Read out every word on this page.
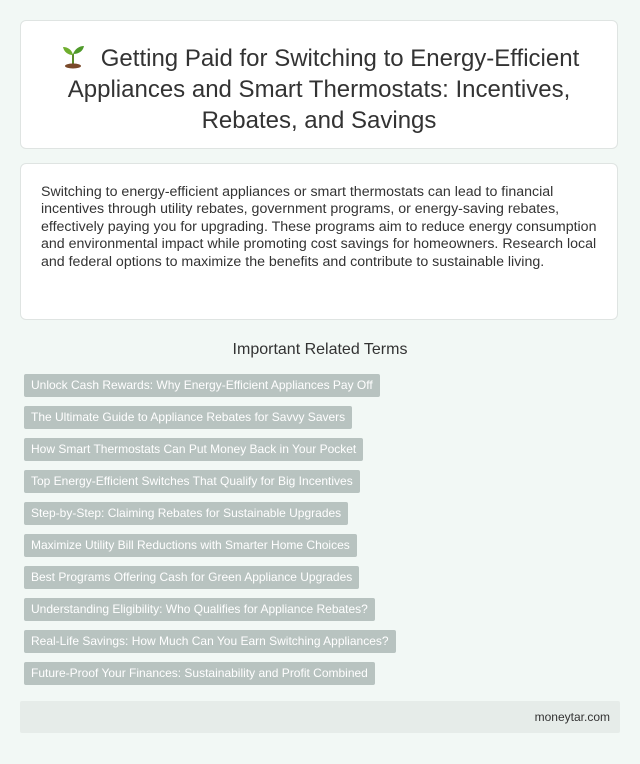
Getting Paid for Switching to Energy-Efficient Appliances and Smart Thermostats: Incentives, Rebates, and Savings

Switching to energy-efficient appliances or smart thermostats can lead to financial incentives through utility rebates, government programs, or energy-saving rebates, effectively paying you for upgrading. These programs aim to reduce energy consumption and environmental impact while promoting cost savings for homeowners. Research local and federal options to maximize the benefits and contribute to sustainable living.

Important Related Terms
Unlock Cash Rewards: Why Energy-Efficient Appliances Pay Off
The Ultimate Guide to Appliance Rebates for Savvy Savers
How Smart Thermostats Can Put Money Back in Your Pocket
Top Energy-Efficient Switches That Qualify for Big Incentives
Step-by-Step: Claiming Rebates for Sustainable Upgrades
Maximize Utility Bill Reductions with Smarter Home Choices
Best Programs Offering Cash for Green Appliance Upgrades
Understanding Eligibility: Who Qualifies for Appliance Rebates?
Real-Life Savings: How Much Can You Earn Switching Appliances?
Future-Proof Your Finances: Sustainability and Profit Combined
moneytar.com
